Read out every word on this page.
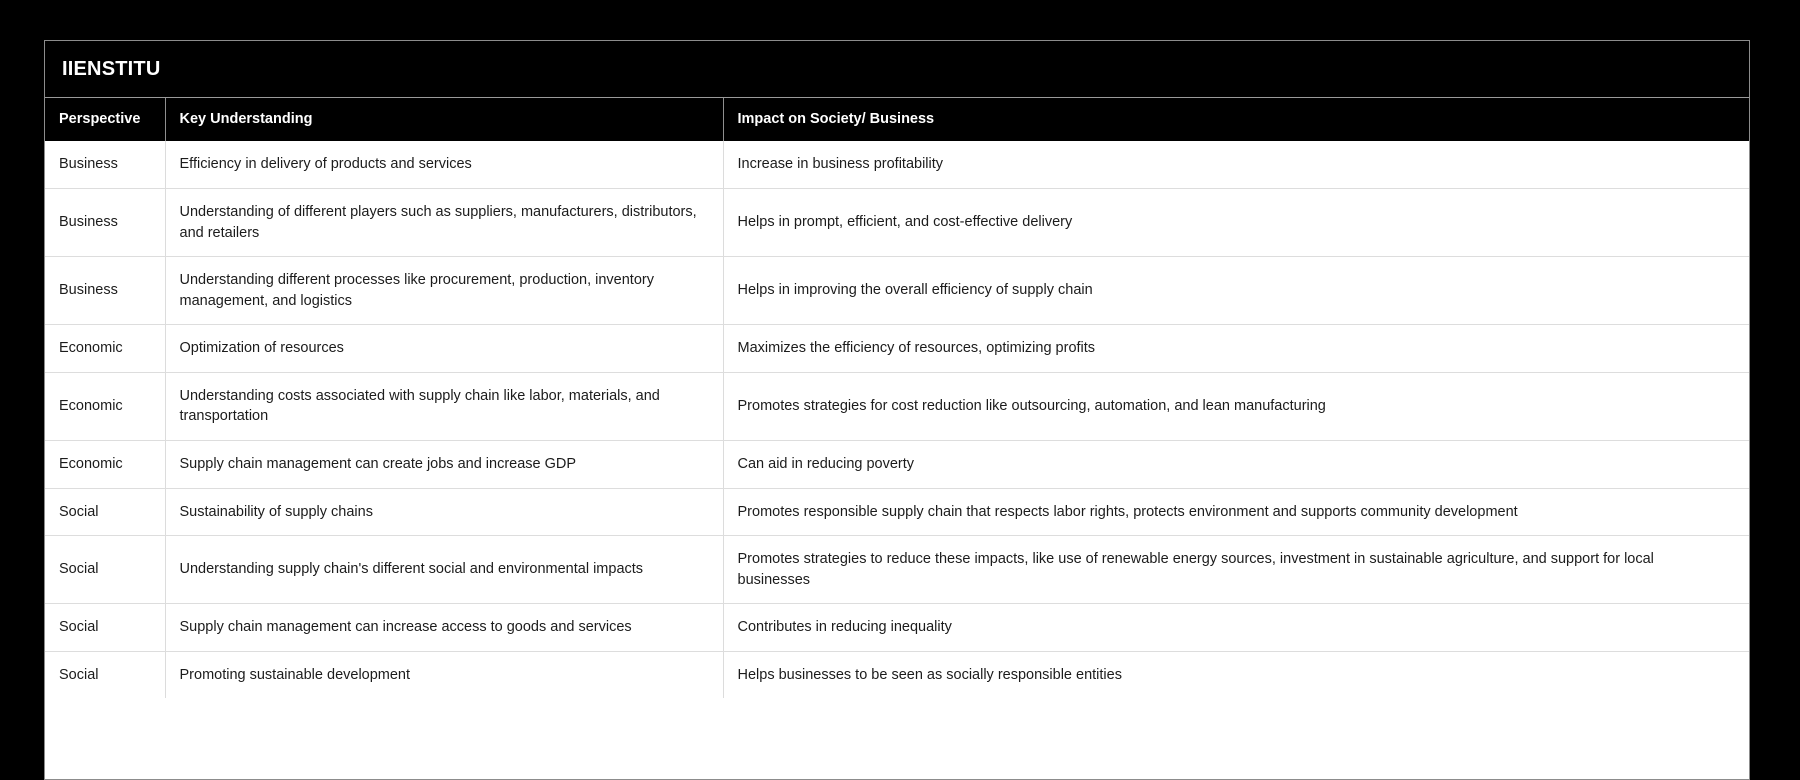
IIENSTITU
Perspective	Key Understanding	Impact on Society/ Business
Business	Efficiency in delivery of products and services	Increase in business profitability
Business	Understanding of different players such as suppliers, manufacturers, distributors, and retailers	Helps in prompt, efficient, and cost-effective delivery
Business	Understanding different processes like procurement, production, inventory management, and logistics	Helps in improving the overall efficiency of supply chain
Economic	Optimization of resources	Maximizes the efficiency of resources, optimizing profits
Economic	Understanding costs associated with supply chain like labor, materials, and transportation	Promotes strategies for cost reduction like outsourcing, automation, and lean manufacturing
Economic	Supply chain management can create jobs and increase GDP	Can aid in reducing poverty
Social	Sustainability of supply chains	Promotes responsible supply chain that respects labor rights, protects environment and supports community development
Social	Understanding supply chain's different social and environmental impacts	Promotes strategies to reduce these impacts, like use of renewable energy sources, investment in sustainable agriculture, and support for local businesses
Social	Supply chain management can increase access to goods and services	Contributes in reducing inequality
Social	Promoting sustainable development	Helps businesses to be seen as socially responsible entities
